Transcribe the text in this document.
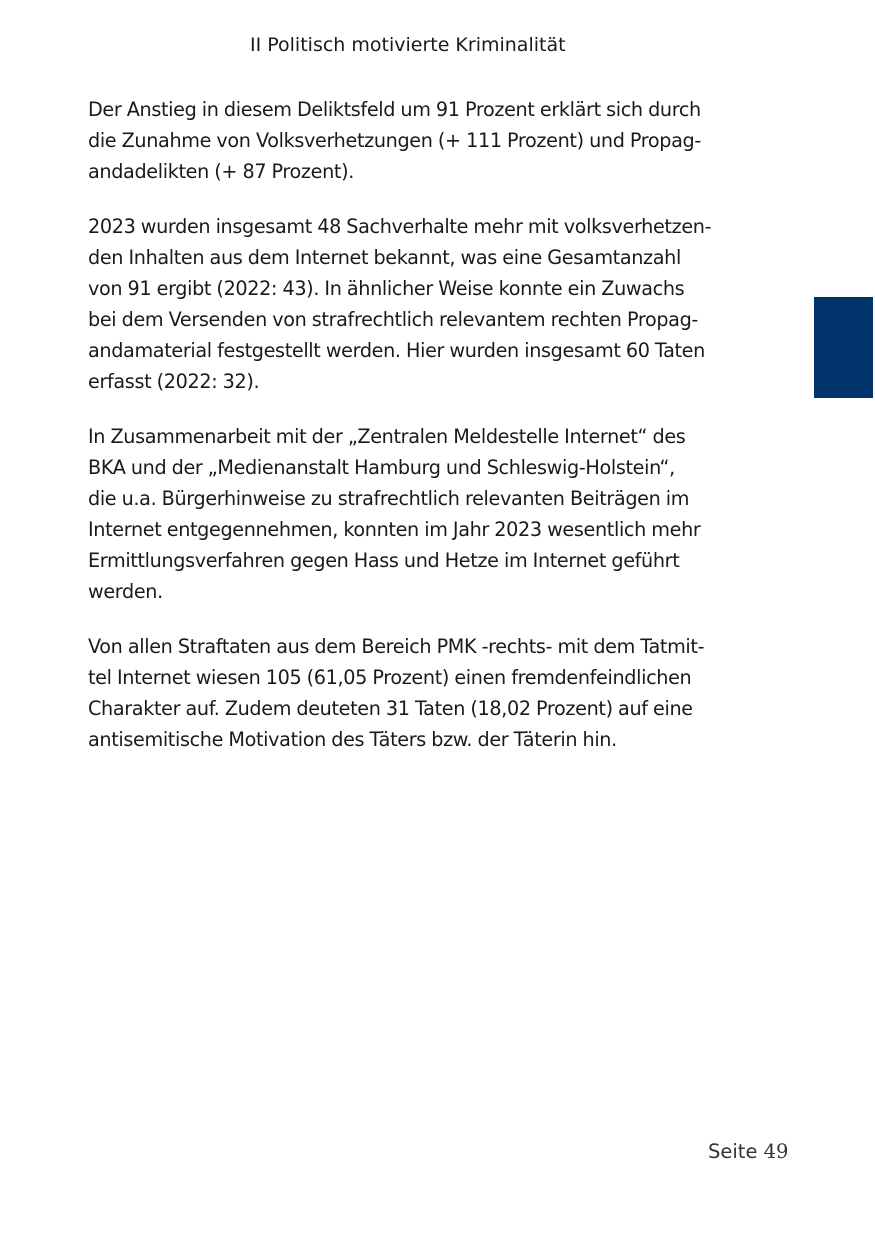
II Politisch motivierte Kriminalität

Der Anstieg in diesem Deliktsfeld um 91 Prozent erklärt sich durch
die Zunahme von Volksverhetzungen (+ 111 Prozent) und Propag-
andadelikten (+ 87 Prozent).

2023 wurden insgesamt 48 Sachverhalte mehr mit volksverhetzen-
den Inhalten aus dem Internet bekannt, was eine Gesamtanzahl
von 91 ergibt (2022: 43). In ähnlicher Weise konnte ein Zuwachs
bei dem Versenden von strafrechtlich relevantem rechten Propag-
andamaterial festgestellt werden. Hier wurden insgesamt 60 Taten
erfasst (2022: 32).

In Zusammenarbeit mit der „Zentralen Meldestelle Internet“ des
BKA und der „Medienanstalt Hamburg und Schleswig-Holstein“,
die u.a. Bürgerhinweise zu strafrechtlich relevanten Beiträgen im
Internet entgegennehmen, konnten im Jahr 2023 wesentlich mehr
Ermittlungsverfahren gegen Hass und Hetze im Internet geführt
werden.

Von allen Straftaten aus dem Bereich PMK -rechts- mit dem Tatmit-
tel Internet wiesen 105 (61,05 Prozent) einen fremdenfeindlichen
Charakter auf. Zudem deuteten 31 Taten (18,02 Prozent) auf eine
antisemitische Motivation des Täters bzw. der Täterin hin.

Seite 49
